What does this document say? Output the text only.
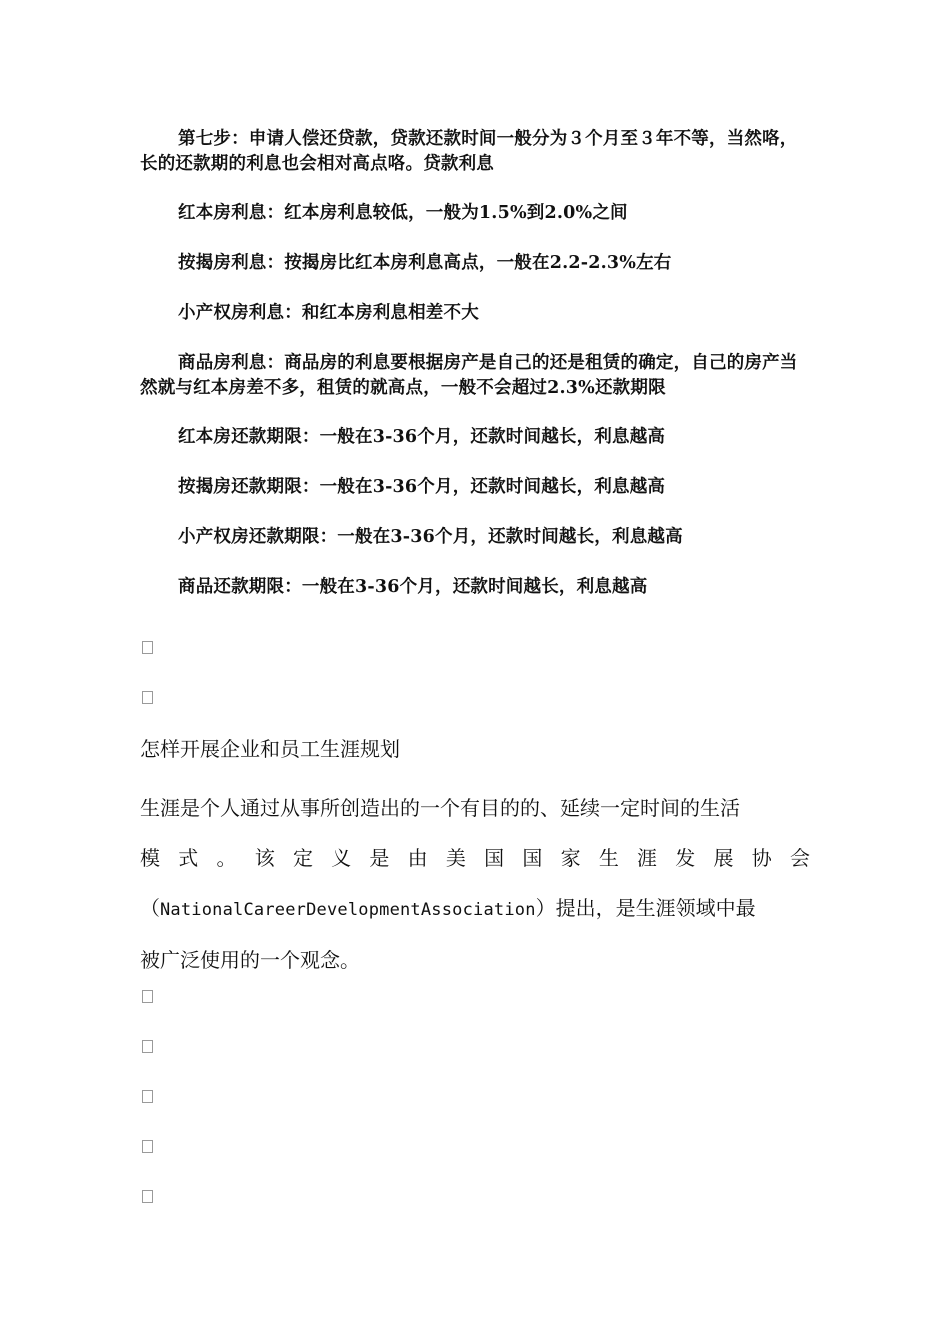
第七步：申请人偿还贷款，贷款还款时间一般分为３个月至３年不等，当然咯，长的还款期的利息也会相对高点咯。贷款利息
红本房利息：红本房利息较低，一般为1.5%到2.0%之间
按揭房利息：按揭房比红本房利息高点，一般在2.2-2.3%左右
小产权房利息：和红本房利息相差不大
商品房利息：商品房的利息要根据房产是自己的还是租赁的确定，自己的房产当然就与红本房差不多，租赁的就高点，一般不会超过2.3%还款期限
红本房还款期限：一般在3-36个月，还款时间越长，利息越高
按揭房还款期限：一般在3-36个月，还款时间越长，利息越高
小产权房还款期限：一般在3-36个月，还款时间越长，利息越高
商品还款期限：一般在3-36个月，还款时间越长，利息越高
怎样开展企业和员工生涯规划
生涯是个人通过从事所创造出的一个有目的的、延续一定时间的生活
模 式 。 该 定 义 是 由 美 国 国 家 生 涯 发 展 协 会
（NationalCareerDevelopmentAssociation）提出，是生涯领域中最
被广泛使用的一个观念。
